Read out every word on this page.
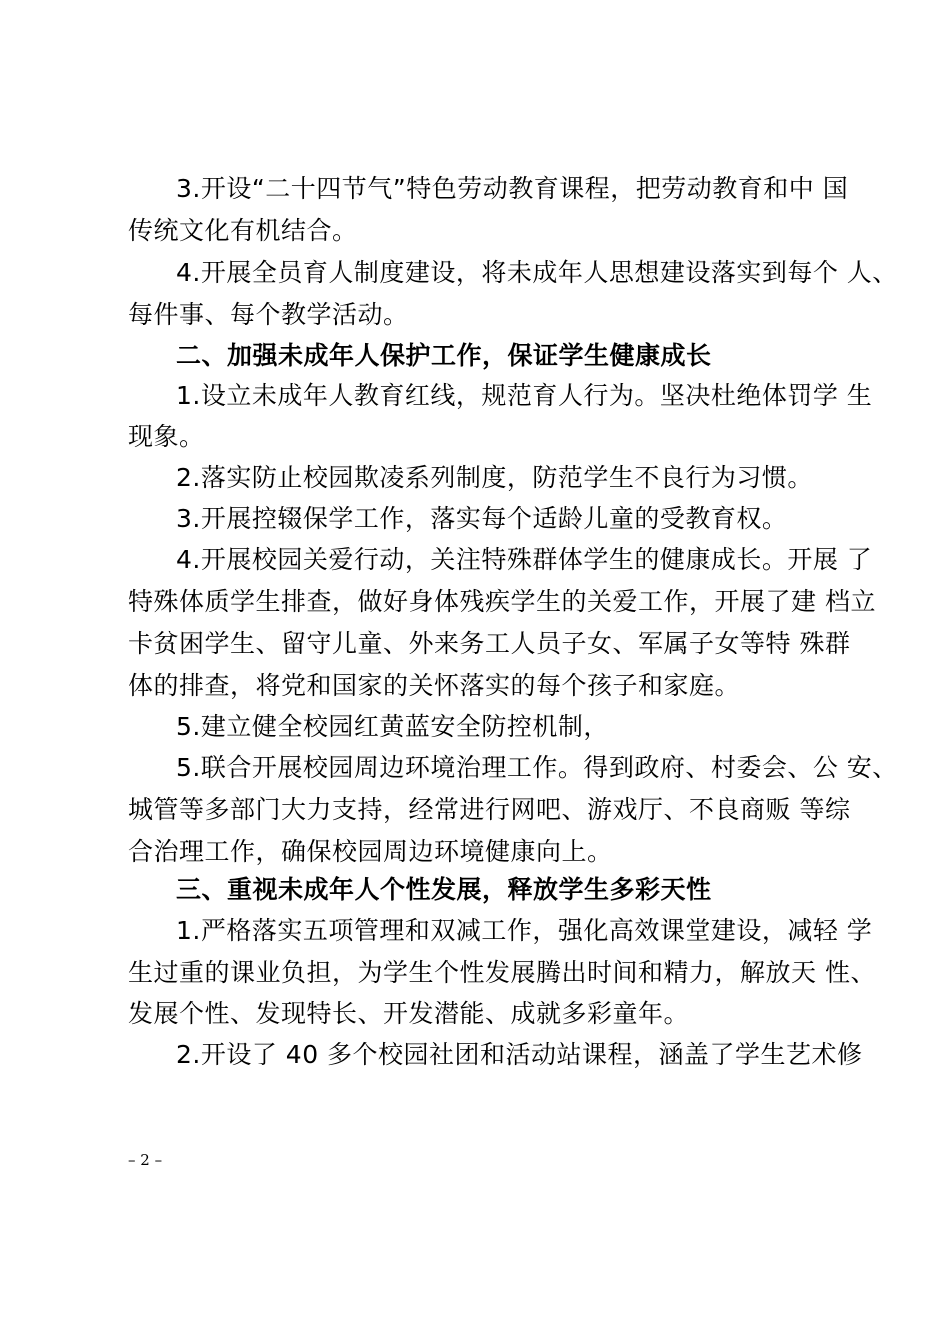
3.开设“二十四节气”特色劳动教育课程，把劳动教育和中 国
传统文化有机结合。
4.开展全员育人制度建设，将未成年人思想建设落实到每个 人、
每件事、每个教学活动。
二、加强未成年人保护工作，保证学生健康成长
1.设立未成年人教育红线，规范育人行为。坚决杜绝体罚学 生
现象。
2.落实防止校园欺凌系列制度，防范学生不良行为习惯。
3.开展控辍保学工作，落实每个适龄儿童的受教育权。
4.开展校园关爱行动，关注特殊群体学生的健康成长。开展 了
特殊体质学生排查，做好身体残疾学生的关爱工作，开展了建 档立
卡贫困学生、留守儿童、外来务工人员子女、军属子女等特 殊群
体的排查，将党和国家的关怀落实的每个孩子和家庭。
5.建立健全校园红黄蓝安全防控机制，
5.联合开展校园周边环境治理工作。得到政府、村委会、公 安、
城管等多部门大力支持，经常进行网吧、游戏厅、不良商贩 等综
合治理工作，确保校园周边环境健康向上。
三、重视未成年人个性发展，释放学生多彩天性
1.严格落实五项管理和双减工作，强化高效课堂建设，减轻 学
生过重的课业负担，为学生个性发展腾出时间和精力，解放天 性、
发展个性、发现特长、开发潜能、成就多彩童年。
2.开设了 40 多个校园社团和活动站课程，涵盖了学生艺术修
– 2 –
